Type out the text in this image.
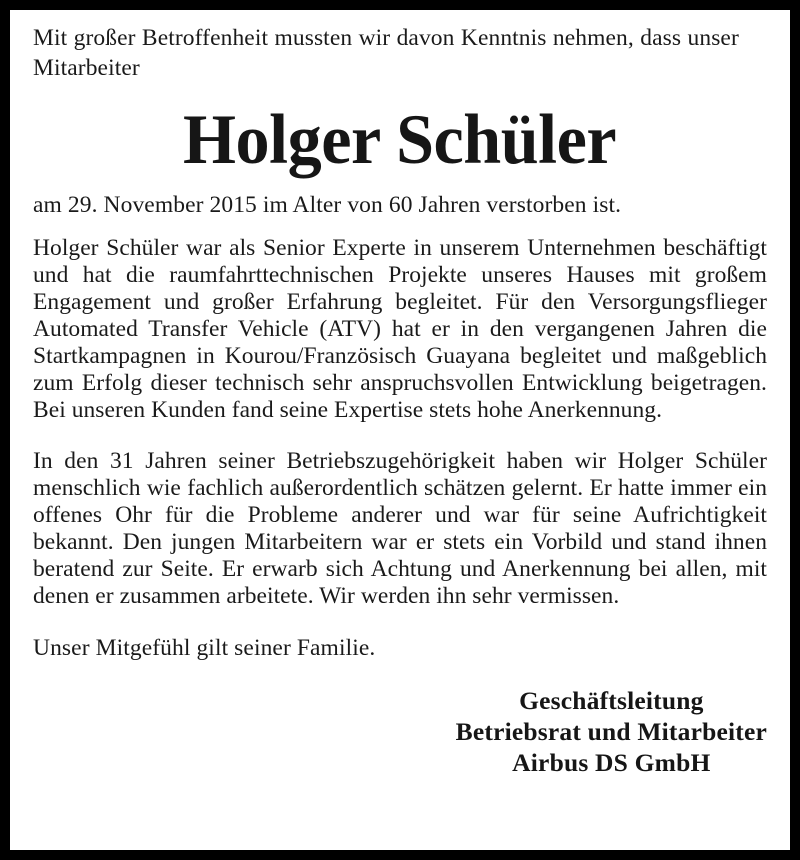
Mit großer Betroffenheit mussten wir davon Kenntnis nehmen, dass unser Mitarbeiter
Holger Schüler
am 29. November 2015 im Alter von 60 Jahren verstorben ist.

Holger Schüler war als Senior Experte in unserem Unternehmen beschäftigt und hat die raumfahrttechnischen Projekte unseres Hauses mit großem Engagement und großer Erfahrung begleitet. Für den Versorgungsflieger Automated Transfer Vehicle (ATV) hat er in den vergangenen Jahren die Startkampagnen in Kourou/Französisch Guayana begleitet und maßgeblich zum Erfolg dieser technisch sehr anspruchsvollen Entwicklung beigetragen. Bei unseren Kunden fand seine Expertise stets hohe Anerkennung.

In den 31 Jahren seiner Betriebszugehörigkeit haben wir Holger Schüler menschlich wie fachlich außerordentlich schätzen gelernt. Er hatte immer ein offenes Ohr für die Probleme anderer und war für seine Aufrichtigkeit bekannt. Den jungen Mitarbeitern war er stets ein Vorbild und stand ihnen beratend zur Seite. Er erwarb sich Achtung und Anerkennung bei allen, mit denen er zusammen arbeitete. Wir werden ihn sehr vermissen.

Unser Mitgefühl gilt seiner Familie.
Geschäftsleitung
Betriebsrat und Mitarbeiter
Airbus DS GmbH
